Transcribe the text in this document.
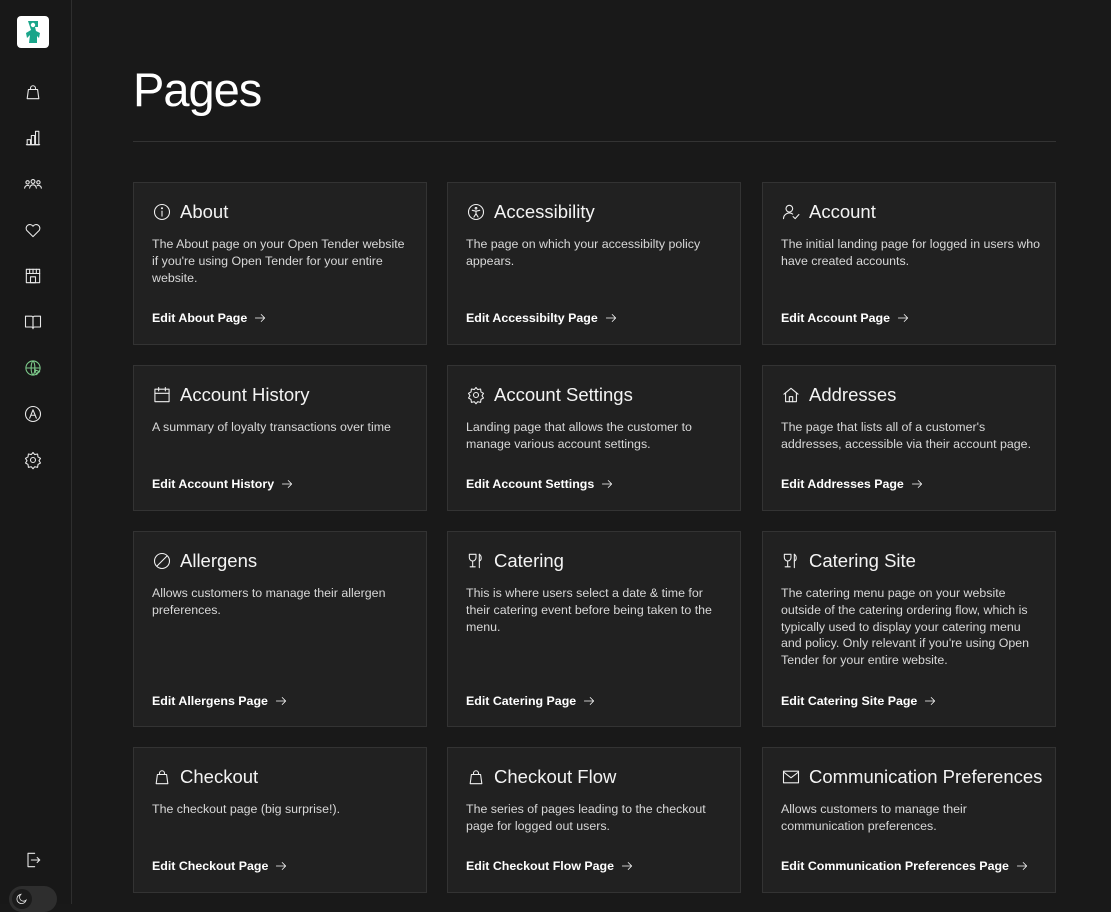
Pages
About
The About page on your Open Tender website if you're using Open Tender for your entire website.
Edit About Page
Accessibility
The page on which your accessibilty policy appears.
Edit Accessibilty Page
Account
The initial landing page for logged in users who have created accounts.
Edit Account Page
Account History
A summary of loyalty transactions over time
Edit Account History
Account Settings
Landing page that allows the customer to manage various account settings.
Edit Account Settings
Addresses
The page that lists all of a customer's addresses, accessible via their account page.
Edit Addresses Page
Allergens
Allows customers to manage their allergen preferences.
Edit Allergens Page
Catering
This is where users select a date & time for their catering event before being taken to the menu.
Edit Catering Page
Catering Site
The catering menu page on your website outside of the catering ordering flow, which is typically used to display your catering menu and policy. Only relevant if you're using Open Tender for your entire website.
Edit Catering Site Page
Checkout
The checkout page (big surprise!).
Edit Checkout Page
Checkout Flow
The series of pages leading to the checkout page for logged out users.
Edit Checkout Flow Page
Communication Preferences
Allows customers to manage their communication preferences.
Edit Communication Preferences Page
